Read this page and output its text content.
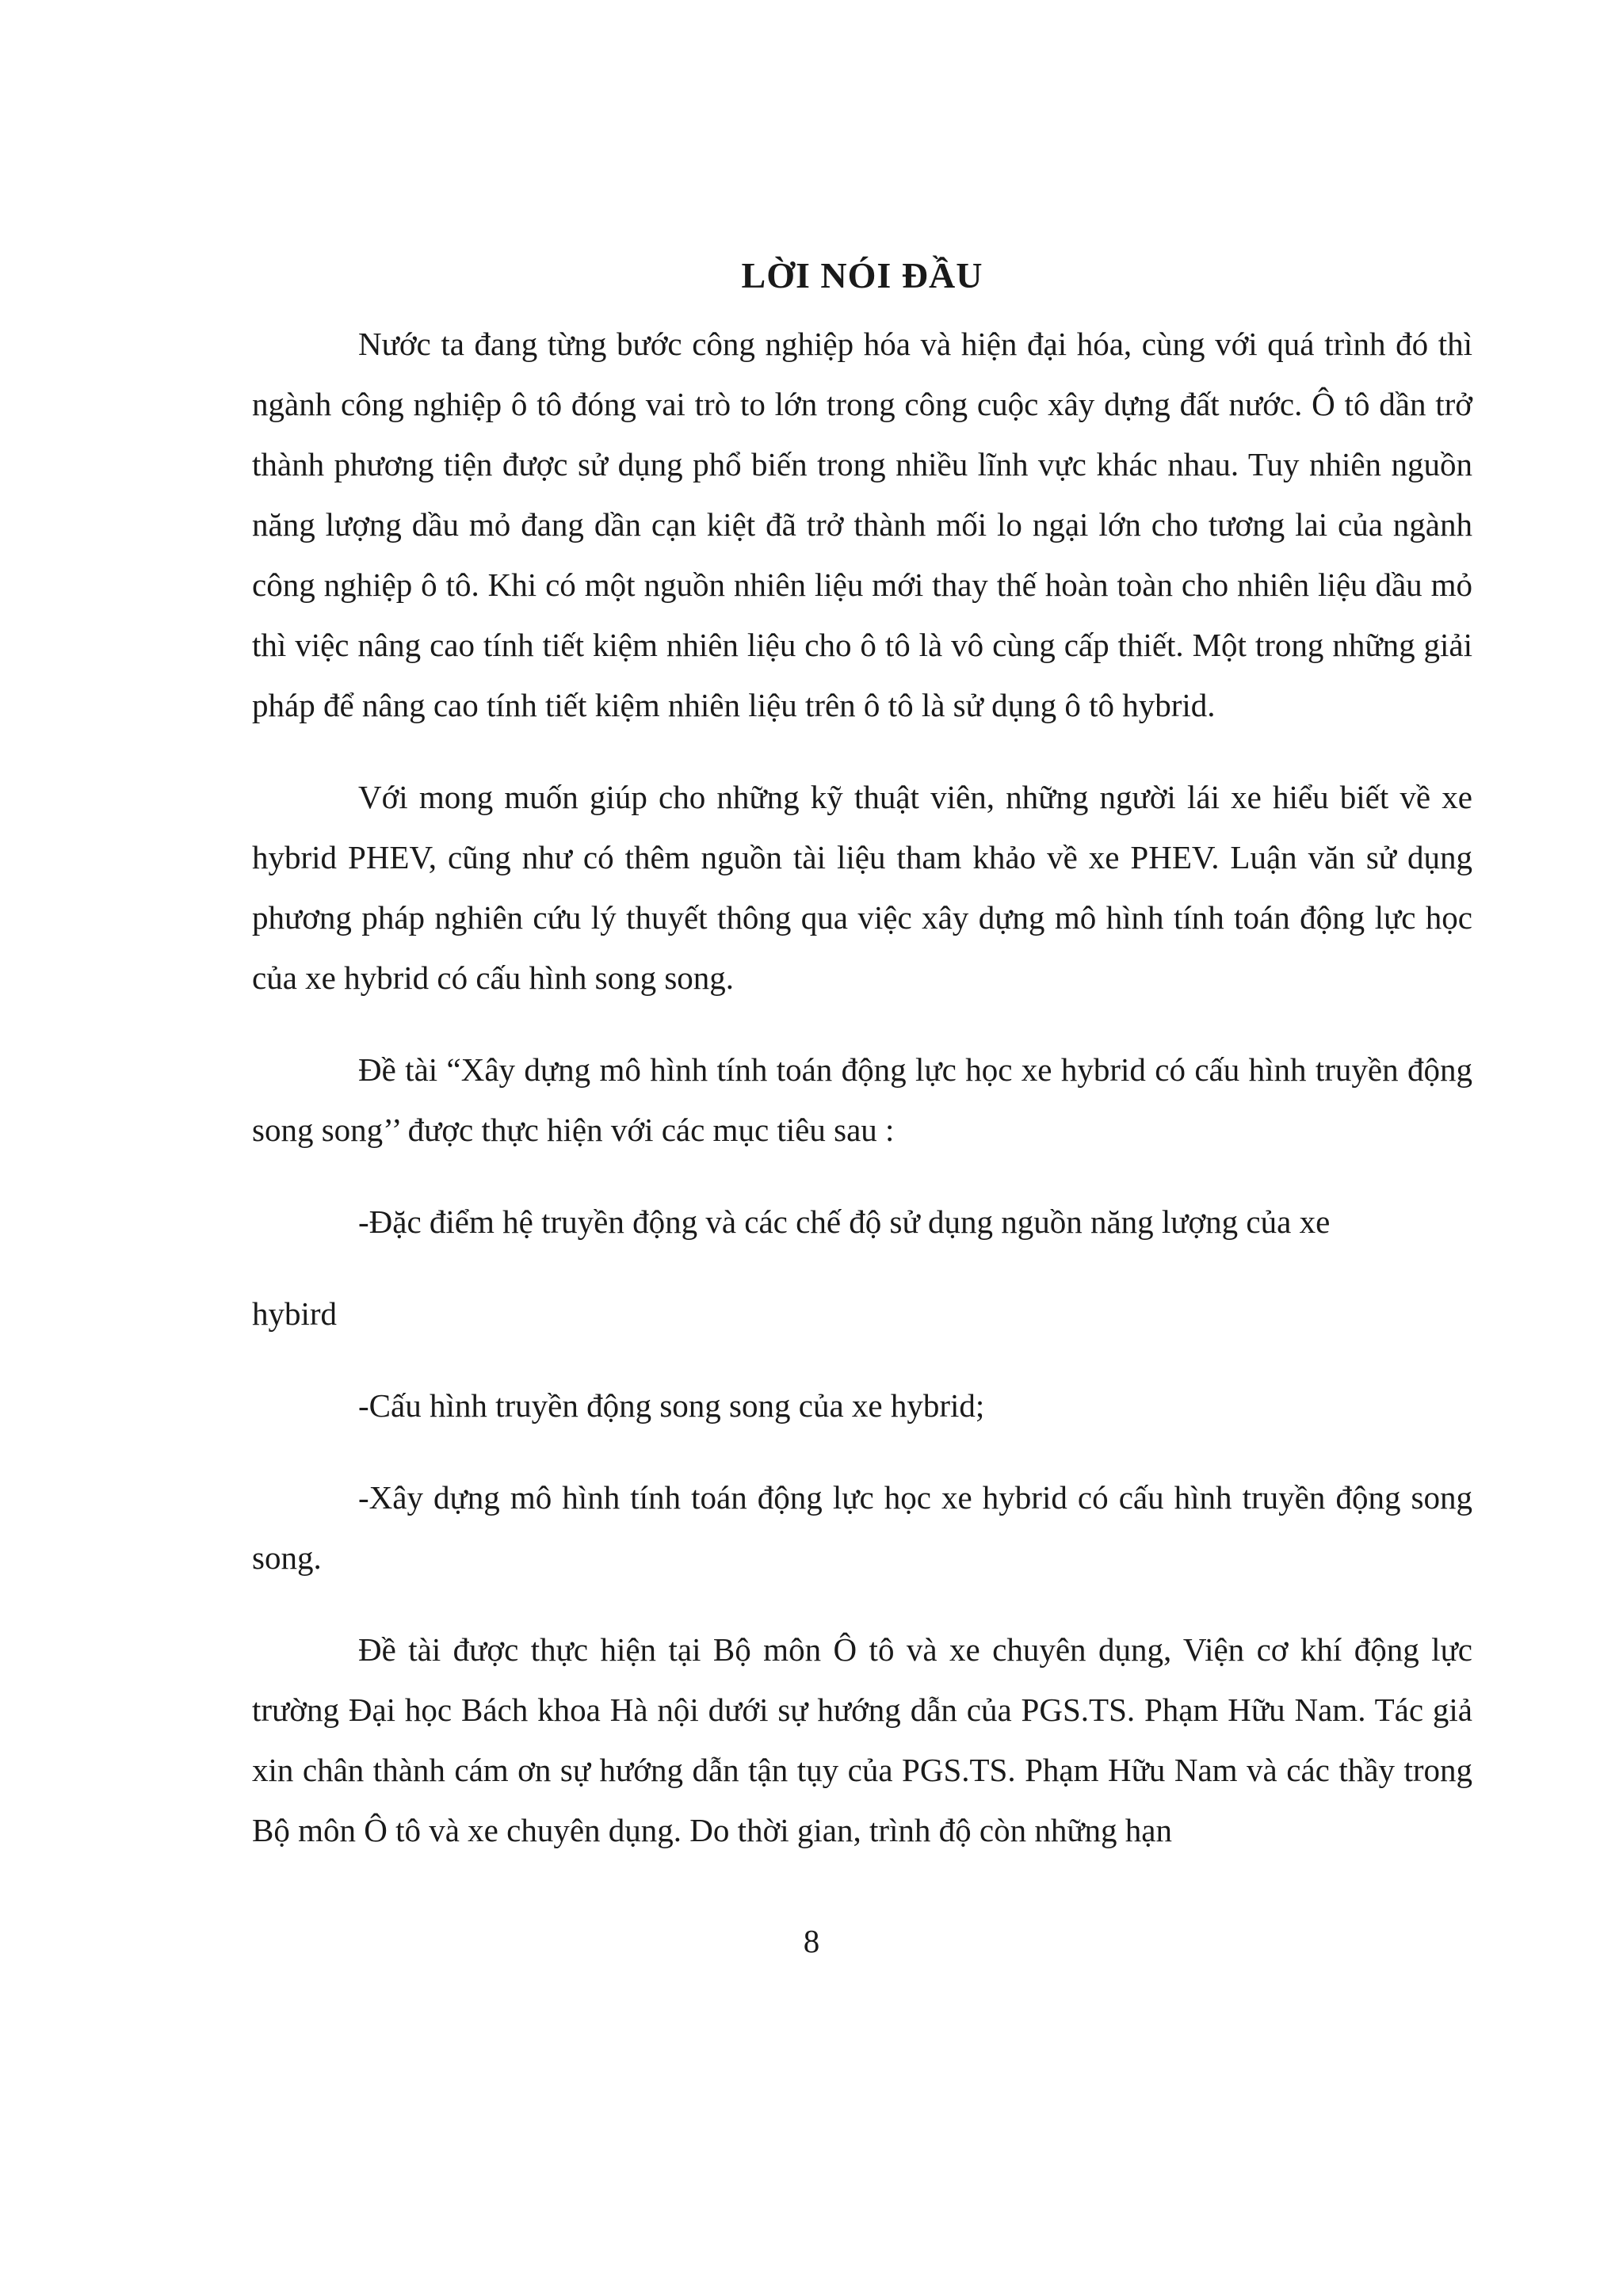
LỜI NÓI ĐẦU

Nước ta đang từng bước công nghiệp hóa và hiện đại hóa, cùng với quá trình đó thì ngành công nghiệp ô tô đóng vai trò to lớn trong công cuộc xây dựng đất nước. Ô tô dần trở thành phương tiện được sử dụng phổ biến trong nhiều lĩnh vực khác nhau. Tuy nhiên nguồn năng lượng dầu mỏ đang dần cạn kiệt đã trở thành mối lo ngại lớn cho tương lai của ngành công nghiệp ô tô. Khi có một nguồn nhiên liệu mới thay thế hoàn toàn cho nhiên liệu dầu mỏ thì việc nâng cao tính tiết kiệm nhiên liệu cho ô tô là vô cùng cấp thiết. Một trong những giải pháp để nâng cao tính tiết kiệm nhiên liệu trên ô tô là sử dụng ô tô hybrid.

Với mong muốn giúp cho những kỹ thuật viên, những người lái xe hiểu biết về xe hybrid PHEV, cũng như có thêm nguồn tài liệu tham khảo về xe PHEV. Luận văn sử dụng phương pháp nghiên cứu lý thuyết thông qua việc xây dựng mô hình tính toán động lực học của xe hybrid có cấu hình song song.

Đề tài “Xây dựng mô hình tính toán động lực học xe hybrid có cấu hình truyền động song song’’ được thực hiện với các mục tiêu sau :

-Đặc điểm hệ truyền động và các chế độ sử dụng nguồn năng lượng của xe

hybird

-Cấu hình truyền động song song của xe hybrid;

-Xây dựng mô hình tính toán động lực học xe hybrid có cấu hình truyền động song song.

Đề tài được thực hiện tại Bộ môn Ô tô và xe chuyên dụng, Viện cơ khí động lực trường Đại học Bách khoa Hà nội dưới sự hướng dẫn của PGS.TS. Phạm Hữu Nam. Tác giả xin chân thành cám ơn sự hướng dẫn tận tụy của PGS.TS. Phạm Hữu Nam và các thầy trong Bộ môn Ô tô và xe chuyên dụng. Do thời gian, trình độ còn những hạn

8
